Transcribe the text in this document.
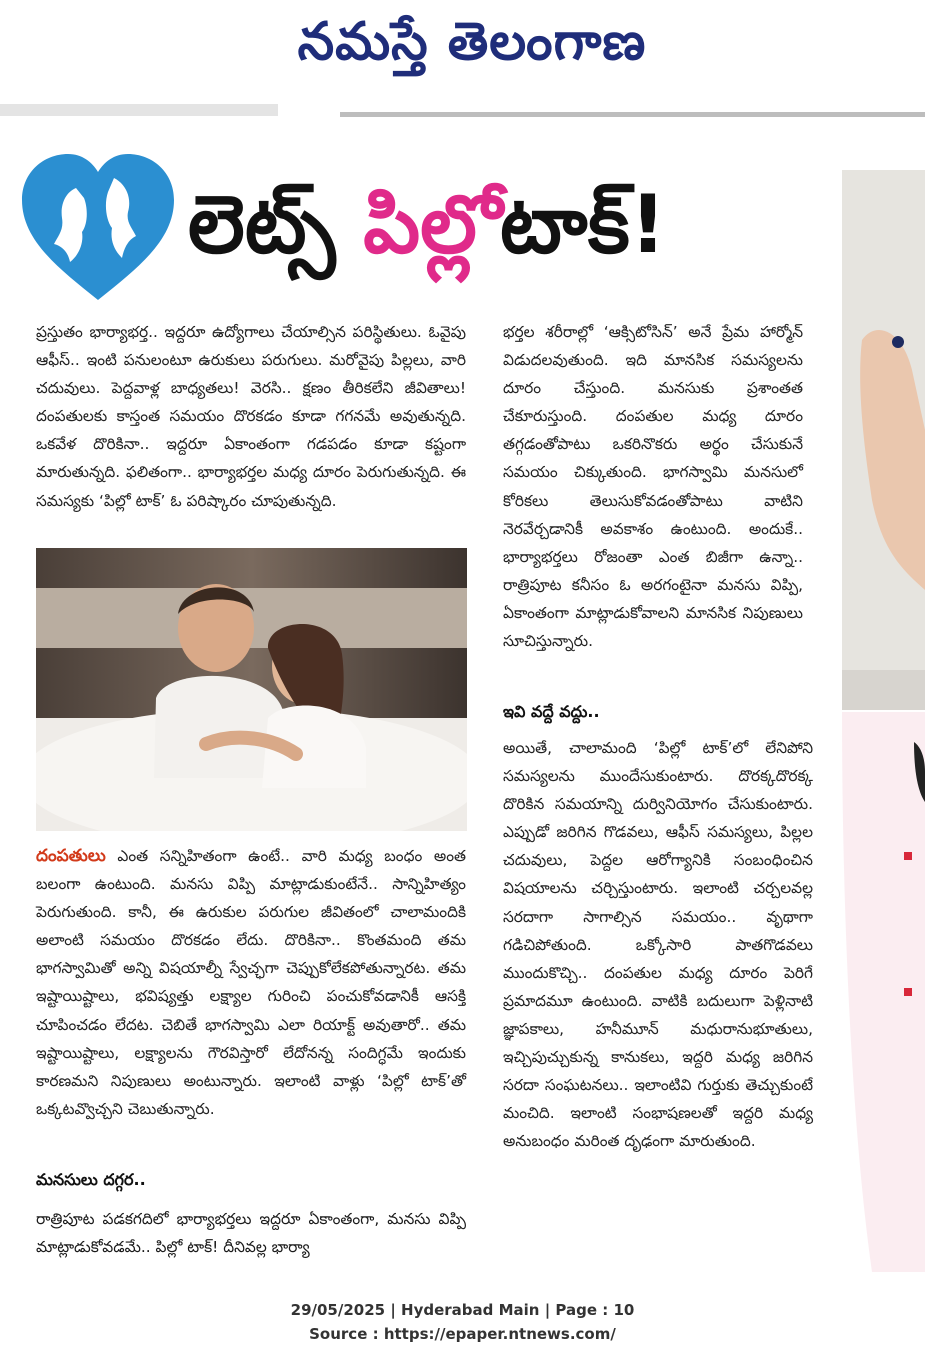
నమస్తే తెలంగాణ
లెట్స్ పిల్లోటాక్!

ప్రస్తుతం భార్యాభర్త.. ఇద్దరూ ఉద్యోగాలు చేయాల్సిన పరిస్థితులు. ఓవైపు ఆఫీస్.. ఇంటి పనులంటూ ఉరుకులు పరుగులు. మరోవైపు పిల్లలు, వారి చదువులు. పెద్దవాళ్ల బాధ్యతలు! వెరసి.. క్షణం తీరికలేని జీవితాలు! దంపతులకు కాస్తంత సమయం దొరకడం కూడా గగనమే అవుతున్నది. ఒకవేళ దొరికినా.. ఇద్దరూ ఏకాంతంగా గడపడం కూడా కష్టంగా మారుతున్నది. ఫలితంగా.. భార్యాభర్తల మధ్య దూరం పెరుగుతున్నది. ఈ సమస్యకు ‘పిల్లో టాక్’ ఓ పరిష్కారం చూపుతున్నది.

దంపతులు ఎంత సన్నిహితంగా ఉంటే.. వారి మధ్య బంధం అంత బలంగా ఉంటుంది. మనసు విప్పి మాట్లాడుకుంటేనే.. సాన్నిహిత్యం పెరుగుతుంది. కానీ, ఈ ఉరుకుల పరుగుల జీవితంలో చాలామందికి అలాంటి సమయం దొరకడం లేదు. దొరికినా.. కొంతమంది తమ భాగస్వామితో అన్ని విషయాల్నీ స్వేచ్ఛగా చెప్పుకోలేకపోతున్నారట. తమ ఇష్టాయిష్టాలు, భవిష్యత్తు లక్ష్యాల గురించి పంచుకోవడానికీ ఆసక్తి చూపించడం లేదట. చెబితే భాగస్వామి ఎలా రియాక్ట్ అవుతారో.. తమ ఇష్టాయిష్టాలు, లక్ష్యాలను గౌరవిస్తారో లేదోనన్న సందిగ్ధమే ఇందుకు కారణమని నిపుణులు అంటున్నారు. ఇలాంటి వాళ్లు ‘పిల్లో టాక్’తో ఒక్కటవ్వొచ్చని చెబుతున్నారు.

మనసులు దగ్గర..

రాత్రిపూట పడకగదిలో భార్యాభర్తలు ఇద్దరూ ఏకాంతంగా, మనసు విప్పి మాట్లాడుకోవడమే.. పిల్లో టాక్! దీనివల్ల భార్యా

భర్తల శరీరాల్లో ‘ఆక్సిటోసిన్’ అనే ప్రేమ హార్మోన్ విడుదలవుతుంది. ఇది మానసిక సమస్యలను దూరం చేస్తుంది. మనసుకు ప్రశాంతత చేకూరుస్తుంది. దంపతుల మధ్య దూరం తగ్గడంతోపాటు ఒకరినొకరు అర్థం చేసుకునే సమయం చిక్కుతుంది. భాగస్వామి మనసులో కోరికలు తెలుసుకోవడంతోపాటు వాటిని నెరవేర్చడానికీ అవకాశం ఉంటుంది. అందుకే.. భార్యాభర్తలు రోజంతా ఎంత బిజీగా ఉన్నా.. రాత్రిపూట కనీసం ఓ అరగంటైనా మనసు విప్పి, ఏకాంతంగా మాట్లాడుకోవాలని మానసిక నిపుణులు సూచిస్తున్నారు.

ఇవి వద్దే వద్దు..

అయితే, చాలామంది ‘పిల్లో టాక్’లో లేనిపోని సమస్యలను ముందేసుకుంటారు. దొరక్కదొరక్క దొరికిన సమయాన్ని దుర్వినియోగం చేసుకుంటారు. ఎప్పుడో జరిగిన గొడవలు, ఆఫీస్ సమస్యలు, పిల్లల చదువులు, పెద్దల ఆరోగ్యానికి సంబంధించిన విషయాలను చర్చిస్తుంటారు. ఇలాంటి చర్చలవల్ల సరదాగా సాగాల్సిన సమయం.. వృథాగా గడిచిపోతుంది. ఒక్కోసారి పాతగొడవలు ముందుకొచ్చి.. దంపతుల మధ్య దూరం పెరిగే ప్రమాదమూ ఉంటుంది. వాటికి బదులుగా పెళ్లినాటి జ్ఞాపకాలు, హనీమూన్ మధురానుభూతులు, ఇచ్చిపుచ్చుకున్న కానుకలు, ఇద్దరి మధ్య జరిగిన సరదా సంఘటనలు.. ఇలాంటివి గుర్తుకు తెచ్చుకుంటే మంచిది. ఇలాంటి సంభాషణలతో ఇద్దరి మధ్య అనుబంధం మరింత దృఢంగా మారుతుంది.

29/05/2025 | Hyderabad Main | Page : 10
Source : https://epaper.ntnews.com/
